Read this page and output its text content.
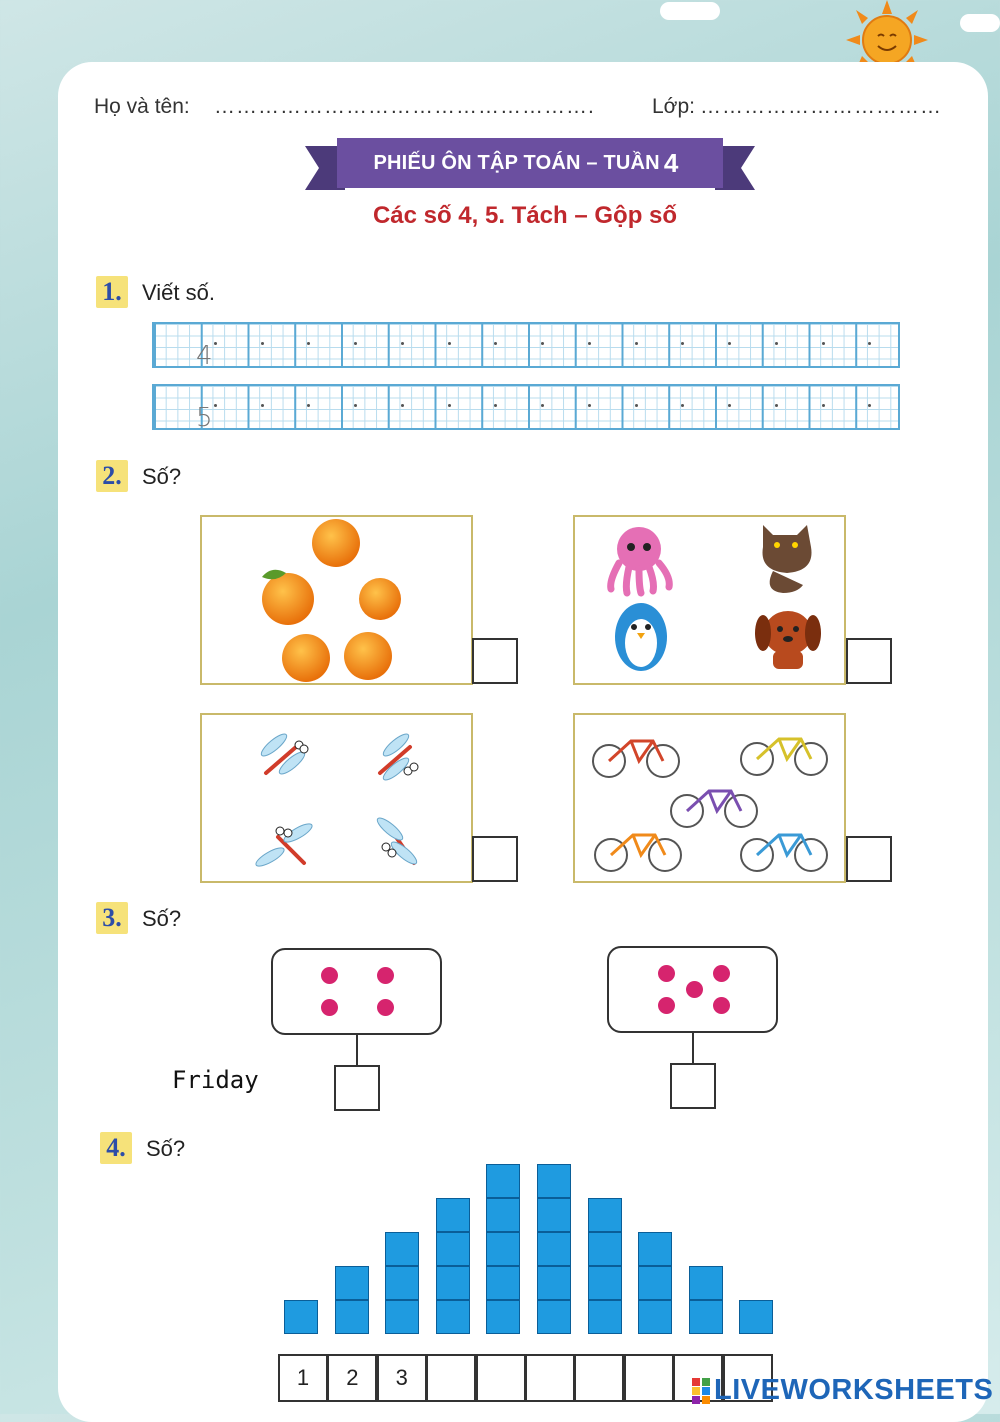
Họ và tên: …………………………………………….	Lớp: ……………………………
PHIẾU ÔN TẬP TOÁN – TUẦN 4
Các số 4, 5. Tách – Gộp số
1. Viết số.
4
5
2. Số?
3. Số?
Friday
4. Số?
1	2	3	LIVEWORKSHEETS
